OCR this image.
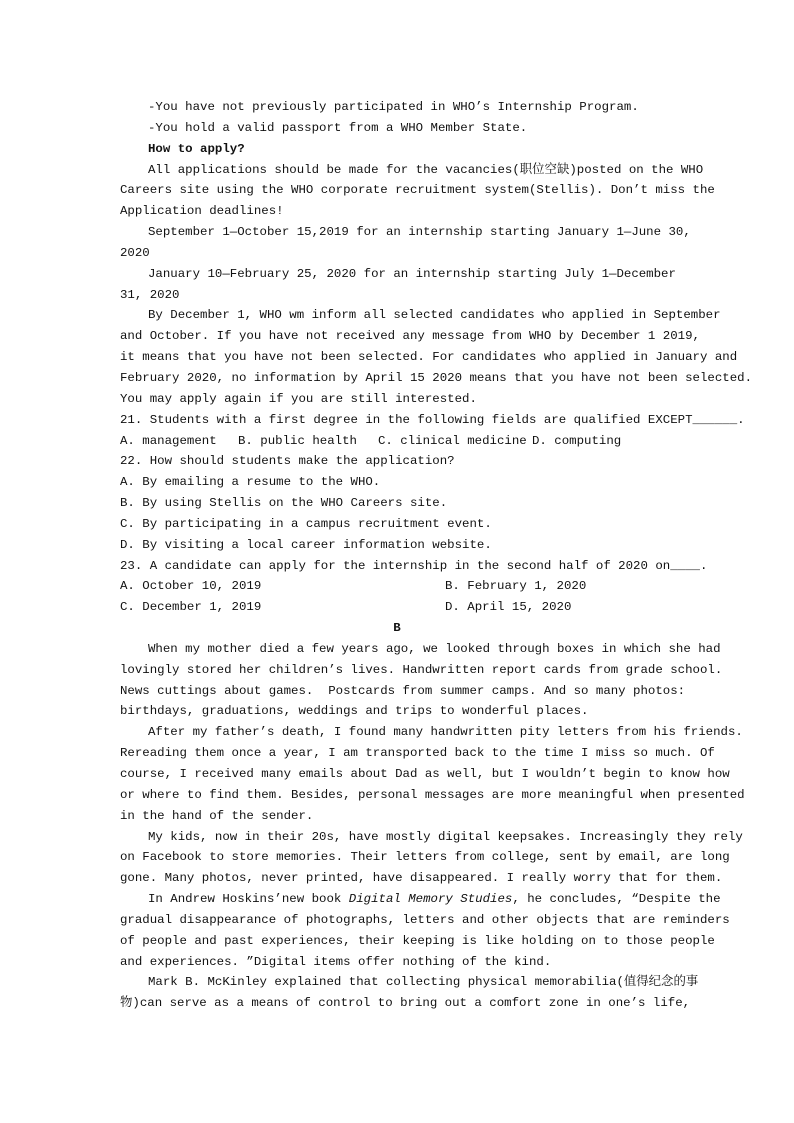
-You have not previously participated in WHO’s Internship Program.
-You hold a valid passport from a WHO Member State.
How to apply?
All applications should be made for the vacancies(职位空缺)posted on the WHO
Careers site using the WHO corporate recruitment system(Stellis). Don’t miss the
Application deadlines!
September 1—October 15,2019 for an internship starting January 1—June 30,
2020
January 10—February 25, 2020 for an internship starting July 1—December
31, 2020
By December 1, WHO wm inform all selected candidates who applied in September
and October. If you have not received any message from WHO by December 1 2019,
it means that you have not been selected. For candidates who applied in January and
February 2020, no information by April 15 2020 means that you have not been selected.
You may apply again if you are still interested.
21. Students with a first degree in the following fields are qualified EXCEPT______.
A. management	B. public health	C. clinical medicine D. computing
22. How should students make the application?
A. By emailing a resume to the WHO.
B. By using Stellis on the WHO Careers site.
C. By participating in a campus recruitment event.
D. By visiting a local career information website.
23. A candidate can apply for the internship in the second half of 2020 on____.
A. October 10, 2019	B. February 1, 2020
C. December 1, 2019	D. April 15, 2020
B
When my mother died a few years ago, we looked through boxes in which she had
lovingly stored her children’s lives. Handwritten report cards from grade school.
News cuttings about games.  Postcards from summer camps. And so many photos:
birthdays, graduations, weddings and trips to wonderful places.
After my father’s death, I found many handwritten pity letters from his friends.
Rereading them once a year, I am transported back to the time I miss so much. Of
course, I received many emails about Dad as well, but I wouldn’t begin to know how
or where to find them. Besides, personal messages are more meaningful when presented
in the hand of the sender.
My kids, now in their 20s, have mostly digital keepsakes. Increasingly they rely
on Facebook to store memories. Their letters from college, sent by email, are long
gone. Many photos, never printed, have disappeared. I really worry that for them.
In Andrew Hoskins’new book Digital Memory Studies, he concludes, “Despite the
gradual disappearance of photographs, letters and other objects that are reminders
of people and past experiences, their keeping is like holding on to those people
and experiences. ”Digital items offer nothing of the kind.
Mark B. McKinley explained that collecting physical memorabilia(值得纪念的事
物)can serve as a means of control to bring out a comfort zone in one’s life,
